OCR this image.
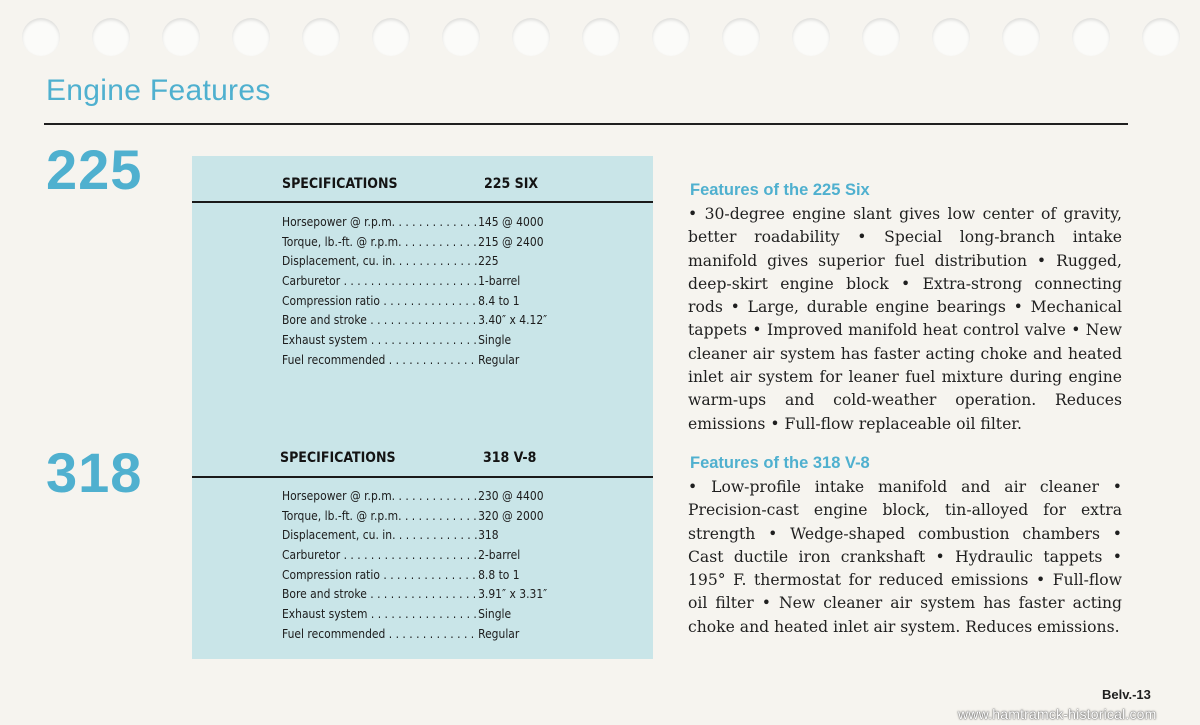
Engine Features
225	SPECIFICATIONS	225 SIX
Horsepower @ r.p.m. . . .	145 @ 4000
Torque, lb.-ft. @ r.p.m. . . .	215 @ 2400
Displacement, cu. in. . . .	225
Carburetor . . .	1-barrel
Compression ratio . . .	8.4 to 1
Bore and stroke . . .	3.40″ x 4.12″
Exhaust system . . .	Single
Fuel recommended . . .	Regular
Features of the 225 Six

• 30-degree engine slant gives low center of gravity, better roadability • Special long-branch intake manifold gives superior fuel distribution • Rugged, deep-skirt engine block • Extra-strong connecting rods • Large, durable engine bearings • Mechanical tappets • Improved manifold heat control valve • New cleaner air system has faster acting choke and heated inlet air system for leaner fuel mixture during engine warm-ups and cold-weather operation. Reduces emissions • Full-flow replaceable oil filter.

318	SPECIFICATIONS	318 V-8
Horsepower @ r.p.m. . . .	230 @ 4400
Torque, lb.-ft. @ r.p.m. . . .	320 @ 2000
Displacement, cu. in. . . .	318
Carburetor . . .	2-barrel
Compression ratio . . .	8.8 to 1
Bore and stroke . . .	3.91″ x 3.31″
Exhaust system . . .	Single
Fuel recommended . . .	Regular
Features of the 318 V-8

• Low-profile intake manifold and air cleaner • Precision-cast engine block, tin-alloyed for extra strength • Wedge-shaped combustion chambers • Cast ductile iron crankshaft • Hydraulic tappets • 195° F. thermostat for reduced emissions • Full-flow oil filter • New cleaner air system has faster acting choke and heated inlet air system. Reduces emissions.

Belv.-13
www.hamtramck-historical.com
